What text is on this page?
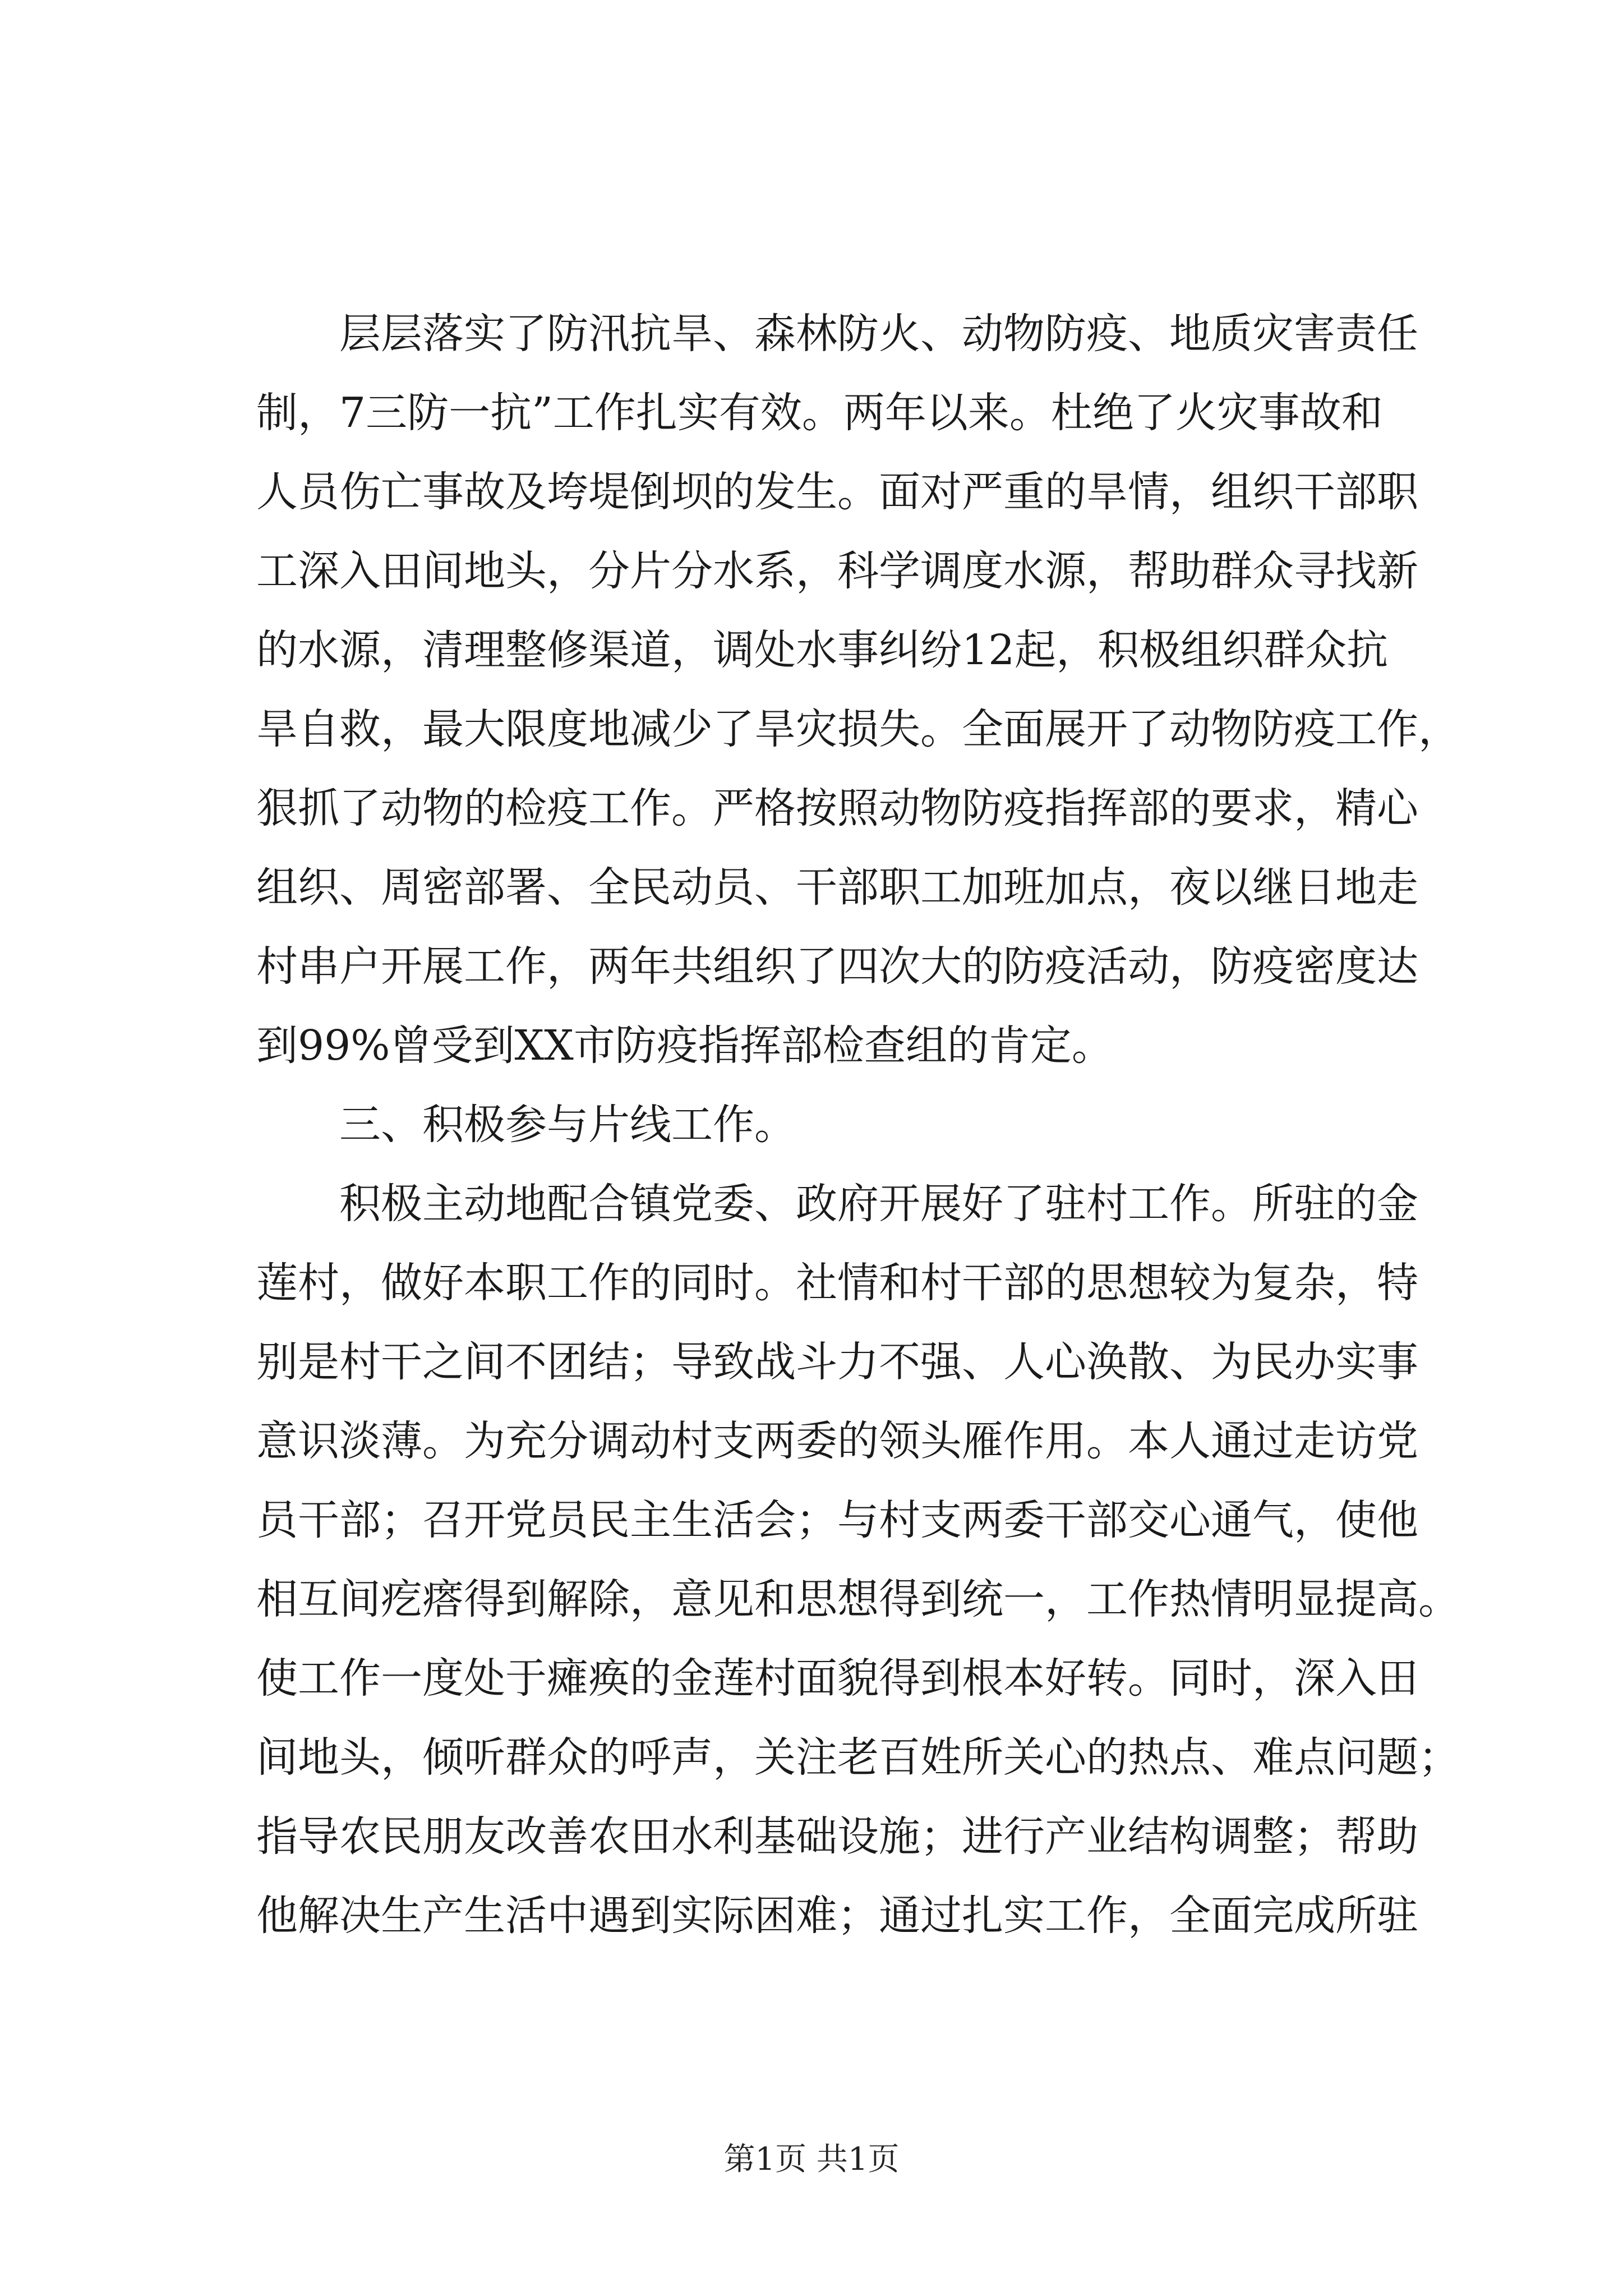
层层落实了防汛抗旱、森林防火、动物防疫、地质灾害责任
制，7三防一抗”工作扎实有效。两年以来。杜绝了火灾事故和
人员伤亡事故及垮堤倒坝的发生。面对严重的旱情，组织干部职
工深入田间地头，分片分水系，科学调度水源，帮助群众寻找新
的水源，清理整修渠道，调处水事纠纷12起，积极组织群众抗
旱自救，最大限度地减少了旱灾损失。全面展开了动物防疫工作，
狠抓了动物的检疫工作。严格按照动物防疫指挥部的要求，精心
组织、周密部署、全民动员、干部职工加班加点，夜以继日地走
村串户开展工作，两年共组织了四次大的防疫活动，防疫密度达
到99%曾受到XX市防疫指挥部检查组的肯定。
三、积极参与片线工作。
积极主动地配合镇党委、政府开展好了驻村工作。所驻的金
莲村，做好本职工作的同时。社情和村干部的思想较为复杂，特
别是村干之间不团结；导致战斗力不强、人心涣散、为民办实事
意识淡薄。为充分调动村支两委的领头雁作用。本人通过走访党
员干部；召开党员民主生活会；与村支两委干部交心通气，使他
相互间疙瘩得到解除，意见和思想得到统一，工作热情明显提高。
使工作一度处于瘫痪的金莲村面貌得到根本好转。同时，深入田
间地头，倾听群众的呼声，关注老百姓所关心的热点、难点问题；
指导农民朋友改善农田水利基础设施；进行产业结构调整；帮助
他解决生产生活中遇到实际困难；通过扎实工作，全面完成所驻
第1页 共1页
